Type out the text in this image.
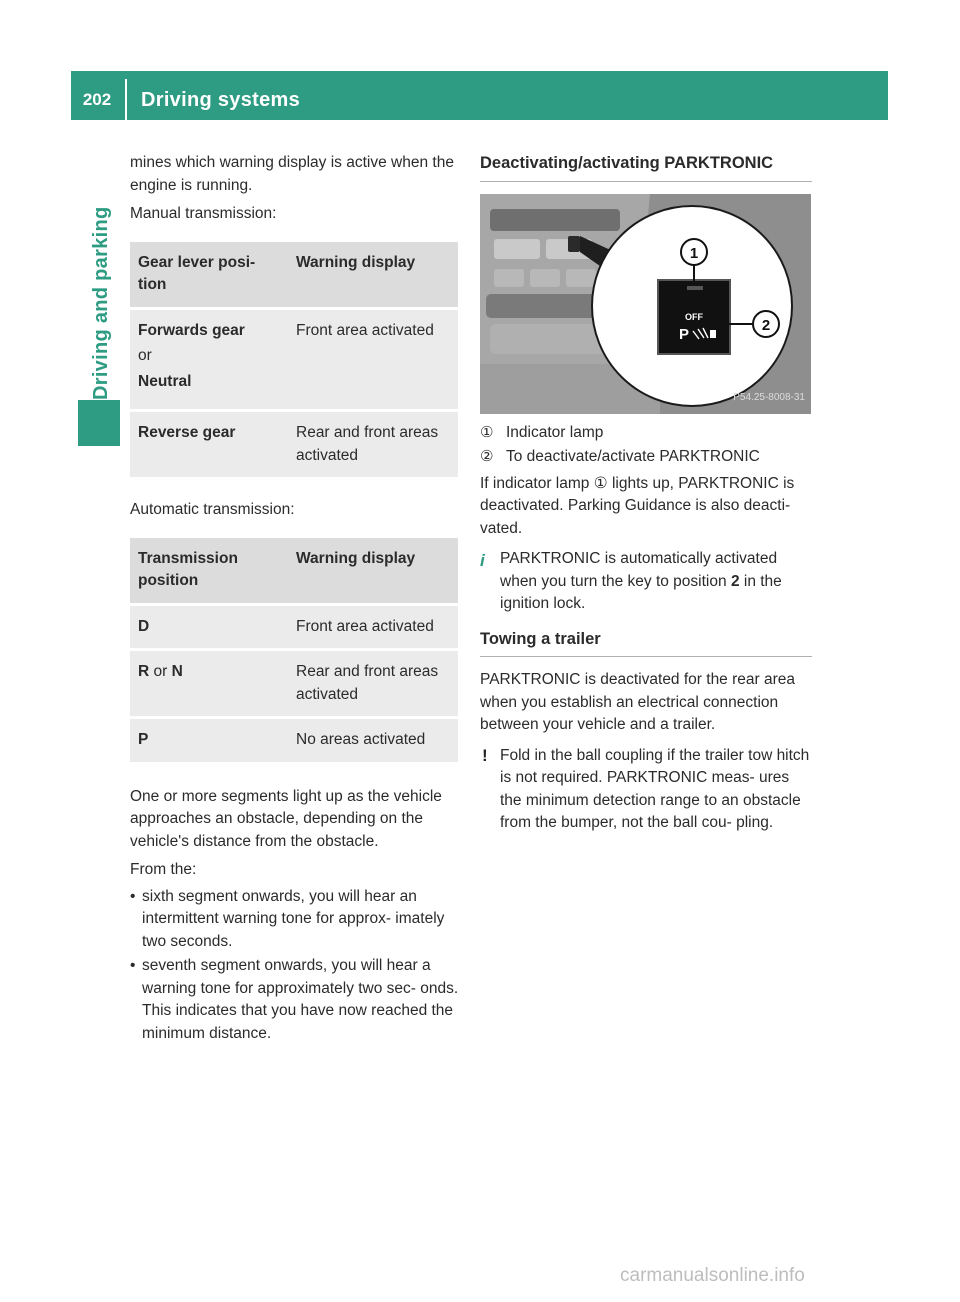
202	Driving systems
Driving and parking

mines which warning display is active when the engine is running.

Manual transmission:

Gear lever posi- tion	Warning display

Forwards gear
or
Neutral	Front area activated
Reverse gear	Rear and front areas activated

Automatic transmission:

Transmission position	Warning display
D	Front area activated
R or N	Rear and front areas activated
P	No areas activated

One or more segments light up as the vehicle approaches an obstacle, depending on the vehicle's distance from the obstacle.

From the:

• sixth segment onwards, you will hear an intermittent warning tone for approx- imately two seconds.
• seventh segment onwards, you will hear a warning tone for approximately two sec- onds. This indicates that you have now reached the minimum distance.
Deactivating/activating PARKTRONIC
OFF
P
1
2
P54.25-8008-31
① Indicator lamp
② To deactivate/activate PARKTRONIC

If indicator lamp ① lights up, PARKTRONIC is deactivated. Parking Guidance is also deacti- vated.

i PARKTRONIC is automatically activated when you turn the key to position 2 in the ignition lock.
Towing a trailer

PARKTRONIC is deactivated for the rear area when you establish an electrical connection between your vehicle and a trailer.

! Fold in the ball coupling if the trailer tow hitch is not required. PARKTRONIC meas- ures the minimum detection range to an obstacle from the bumper, not the ball cou- pling.
carmanualsonline.info
